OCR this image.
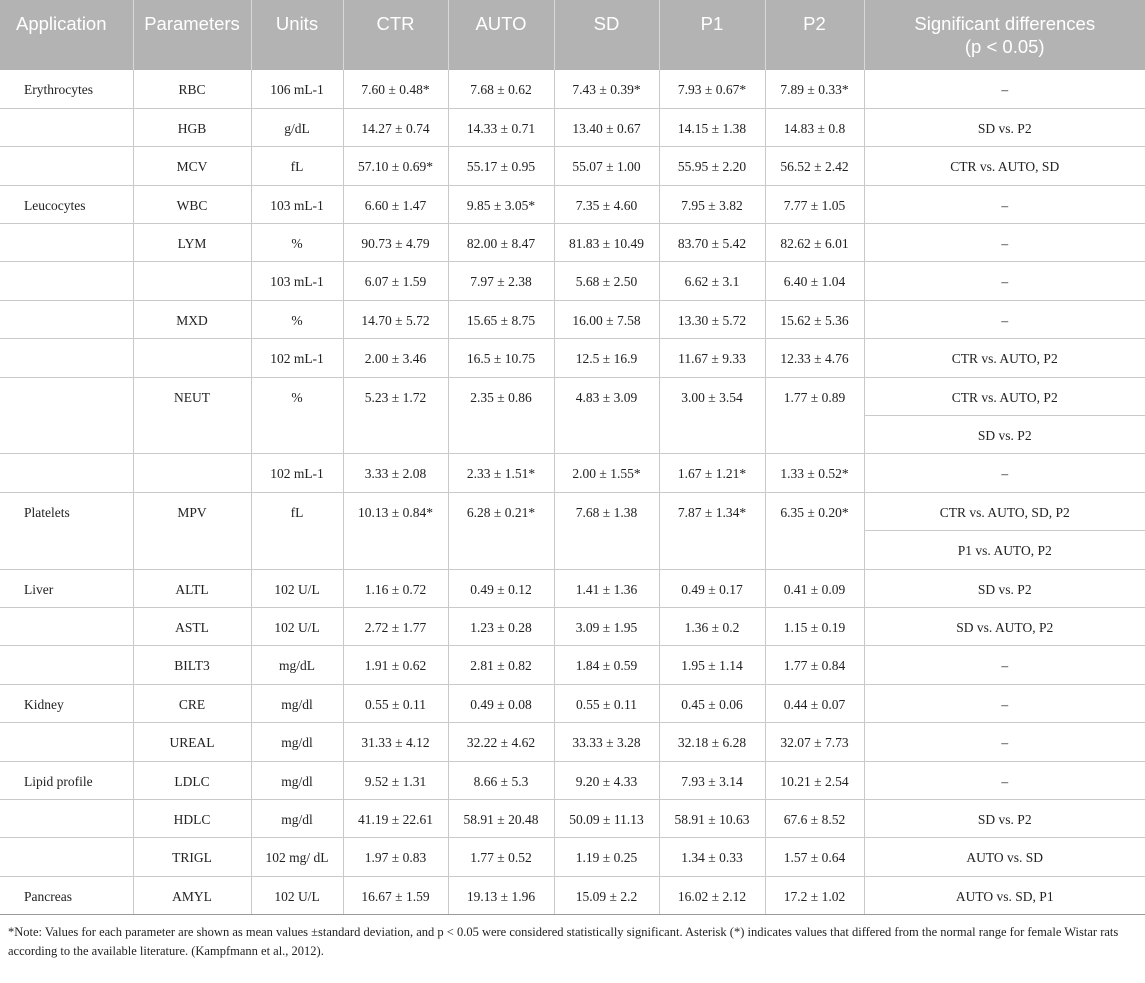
Application	Parameters	Units	CTR	AUTO	SD	P1	P2	Significant differences
(p < 0.05)

Erythrocytes	RBC	106 mL-1	7.60 ± 0.48*	7.68 ± 0.62	7.43 ± 0.39*	7.93 ± 0.67*	7.89 ± 0.33*	–
	HGB	g/dL	14.27 ± 0.74	14.33 ± 0.71	13.40 ± 0.67	14.15 ± 1.38	14.83 ± 0.8	SD vs. P2
	MCV	fL	57.10 ± 0.69*	55.17 ± 0.95	55.07 ± 1.00	55.95 ± 2.20	56.52 ± 2.42	CTR vs. AUTO, SD
Leucocytes	WBC	103 mL-1	6.60 ± 1.47	9.85 ± 3.05*	7.35 ± 4.60	7.95 ± 3.82	7.77 ± 1.05	–
	LYM	%	90.73 ± 4.79	82.00 ± 8.47	81.83 ± 10.49	83.70 ± 5.42	82.62 ± 6.01	–
		103 mL-1	6.07 ± 1.59	7.97 ± 2.38	5.68 ± 2.50	6.62 ± 3.1	6.40 ± 1.04	–
	MXD	%	14.70 ± 5.72	15.65 ± 8.75	16.00 ± 7.58	13.30 ± 5.72	15.62 ± 5.36	–
		102 mL-1	2.00 ± 3.46	16.5 ± 10.75	12.5 ± 16.9	11.67 ± 9.33	12.33 ± 4.76	CTR vs. AUTO, P2
	NEUT	%	5.23 ± 1.72	2.35 ± 0.86	4.83 ± 3.09	3.00 ± 3.54	1.77 ± 0.89	CTR vs. AUTO, P2
								SD vs. P2
		102 mL-1	3.33 ± 2.08	2.33 ± 1.51*	2.00 ± 1.55*	1.67 ± 1.21*	1.33 ± 0.52*	–
Platelets	MPV	fL	10.13 ± 0.84*	6.28 ± 0.21*	7.68 ± 1.38	7.87 ± 1.34*	6.35 ± 0.20*	CTR vs. AUTO, SD, P2
								P1 vs. AUTO, P2
Liver	ALTL	102 U/L	1.16 ± 0.72	0.49 ± 0.12	1.41 ± 1.36	0.49 ± 0.17	0.41 ± 0.09	SD vs. P2
	ASTL	102 U/L	2.72 ± 1.77	1.23 ± 0.28	3.09 ± 1.95	1.36 ± 0.2	1.15 ± 0.19	SD vs. AUTO, P2
	BILT3	mg/dL	1.91 ± 0.62	2.81 ± 0.82	1.84 ± 0.59	1.95 ± 1.14	1.77 ± 0.84	–
Kidney	CRE	mg/dl	0.55 ± 0.11	0.49 ± 0.08	0.55 ± 0.11	0.45 ± 0.06	0.44 ± 0.07	–
	UREAL	mg/dl	31.33 ± 4.12	32.22 ± 4.62	33.33 ± 3.28	32.18 ± 6.28	32.07 ± 7.73	–
Lipid profile	LDLC	mg/dl	9.52 ± 1.31	8.66 ± 5.3	9.20 ± 4.33	7.93 ± 3.14	10.21 ± 2.54	–
	HDLC	mg/dl	41.19 ± 22.61	58.91 ± 20.48	50.09 ± 11.13	58.91 ± 10.63	67.6 ± 8.52	SD vs. P2
	TRIGL	102 mg/ dL	1.97 ± 0.83	1.77 ± 0.52	1.19 ± 0.25	1.34 ± 0.33	1.57 ± 0.64	AUTO vs. SD
Pancreas	AMYL	102 U/L	16.67 ± 1.59	19.13 ± 1.96	15.09 ± 2.2	16.02 ± 2.12	17.2 ± 1.02	AUTO vs. SD, P1
*Note: Values for each parameter are shown as mean values ±standard deviation, and p < 0.05 were considered statistically significant. Asterisk (*) indicates values that differed from the normal range for female Wistar rats according to the available literature. (Kampfmann et al., 2012).
